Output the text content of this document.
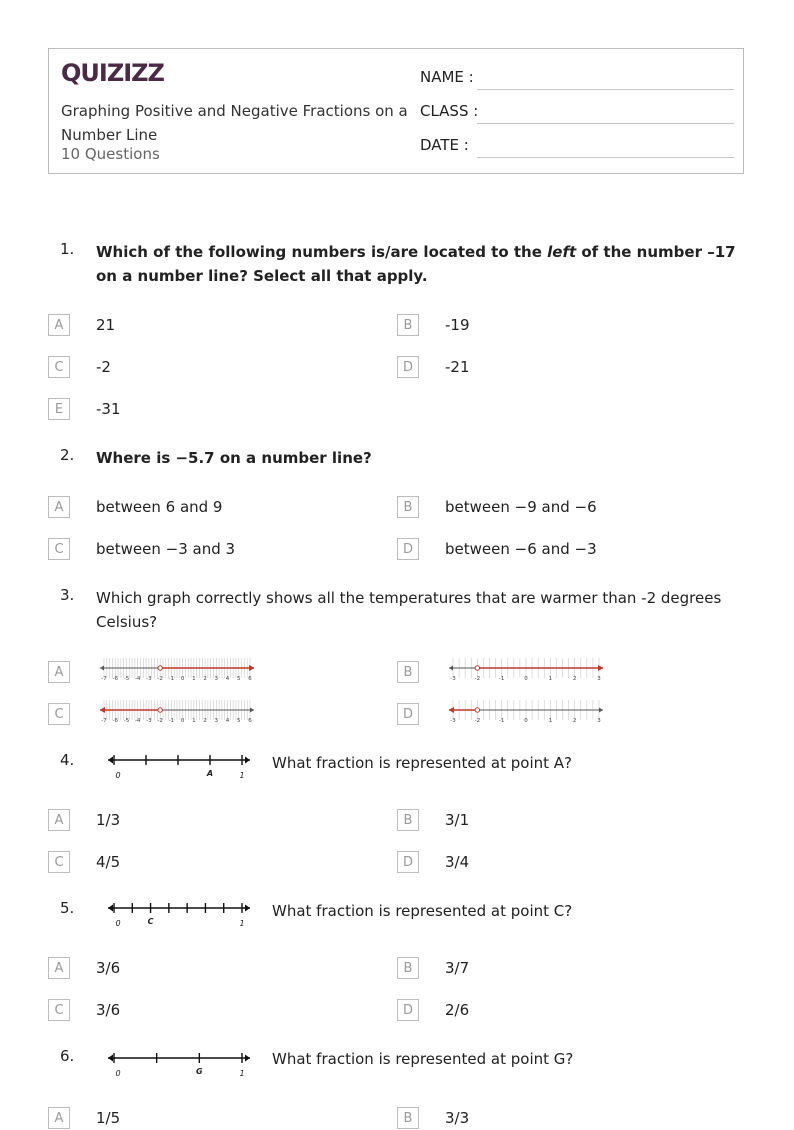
QUIZIZZ
Graphing Positive and Negative Fractions on a Number Line
10 Questions
NAME :
CLASS :
DATE :
1. Which of the following numbers is/are located to the left of the number –17 on a number line? Select all that apply.
A	21	B	-19
C	-2	D	-21
E	-31
2. Where is −5.7 on a number line?
A	between 6 and 9	B	between −9 and −6
C	between −3 and 3	D	between −6 and −3
3. Which graph correctly shows all the temperatures that are warmer than -2 degrees Celsius?
A	-7 -6 -5 -4 -3 -2 -1 0 1 2 3 4 5 6	B	-3	-2	-1	0	1	2	3
C	-7 -6 -5 -4 -3 -2 -1 0 1 2 3 4 5 6	D	-3	-2	-1	0	1	2	3
4.
0	1
A
What fraction is represented at point A?
A	1/3	B	3/1
C	4/5	D	3/4
5.
0	1
C
What fraction is represented at point C?
A	3/6	B	3/7
C	3/6	D	2/6
6.
0	1
G
What fraction is represented at point G?
A	1/5	B	3/3
